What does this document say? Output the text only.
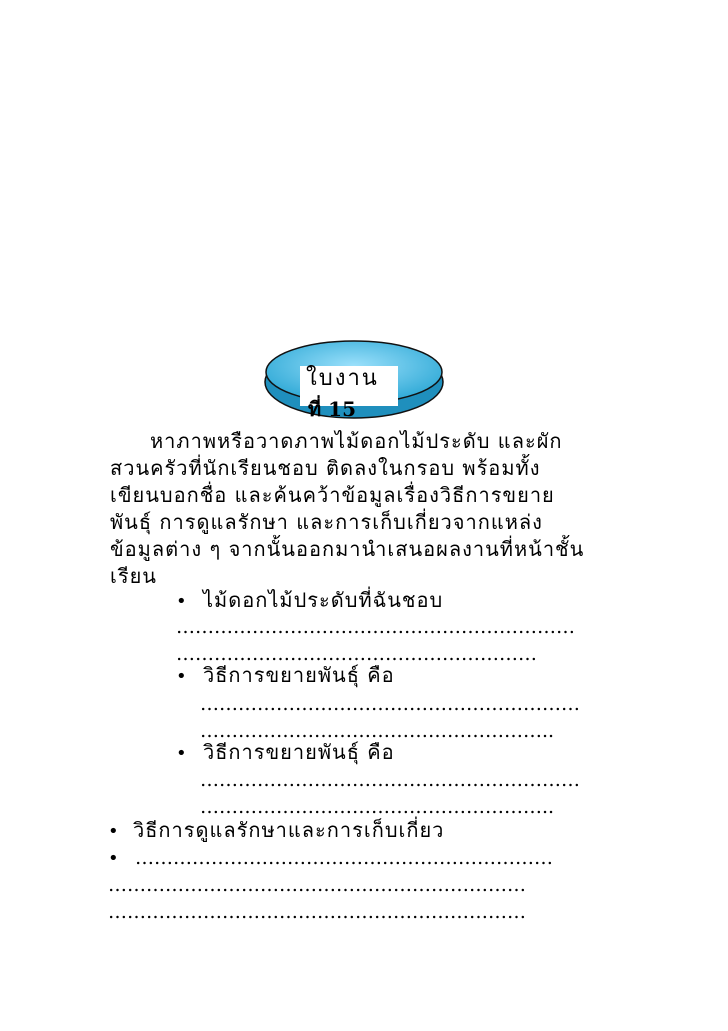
ใบงาน
ที่ 15
หาภาพหรือวาดภาพไม้ดอกไม้ประดับ และผัก
สวนครัวที่นักเรียนชอบ ติดลงในกรอบ พร้อมทั้ง
เขียนบอกชื่อ และค้นคว้าข้อมูลเรื่องวิธีการขยาย
พันธุ์ การดูแลรักษา และการเก็บเกี่ยวจากแหล่ง
ข้อมูลต่าง ๆ จากนั้นออกมานำเสนอผลงานที่หน้าชั้น
เรียน
• ไม้ดอกไม้ประดับที่ฉันชอบ
………………………………………………………
…………………………………………………
• วิธีการขยายพันธุ์ คือ
……………………………………………………
………………………………………………..
• วิธีการขยายพันธุ์ คือ
……………………………………………………
………………………………………………..
• วิธีการดูแลรักษาและการเก็บเกี่ยว
• …………………………………………………………
…………………………………………………………
…………………………………………………………
